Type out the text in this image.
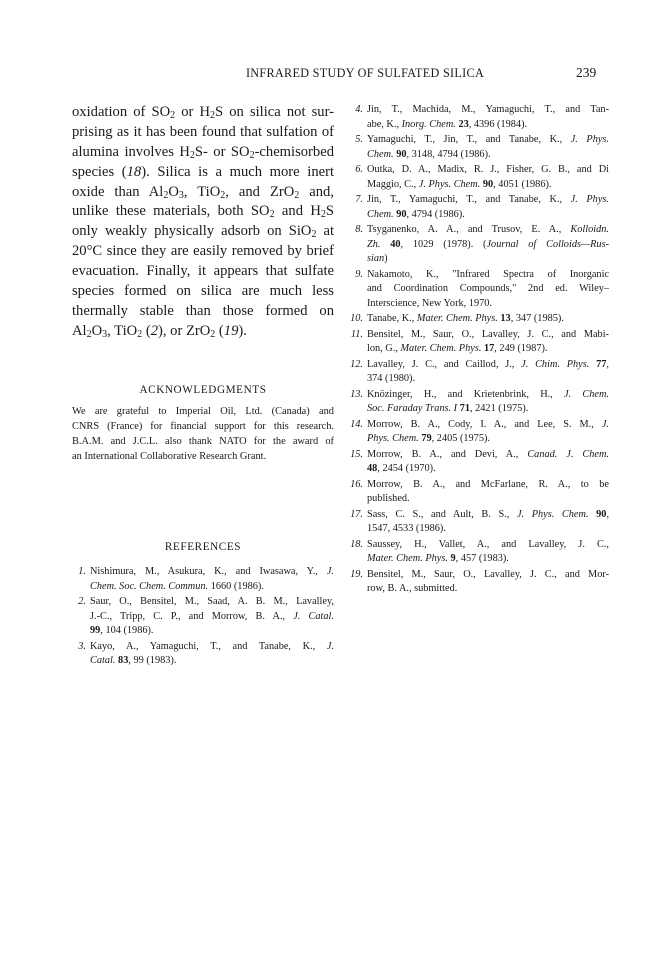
INFRARED STUDY OF SULFATED SILICA	239
oxidation of $SO_2$ or $H_2S$ on silica not sur-
prising as it has been found that sulfation of
alumina involves $H_2S-$ or $SO_2$-chemisorbed
species (18). Silica is a much more inert
oxide than $Al_2O_3$, TiO$_2$, and ZrO$_2$ and,
unlike these materials, both $SO_2$ and $H_2S$
only weakly physically adsorb on SiO$_2$ at
20°C since they are easily removed by brief
evacuation. Finally, it appears that sulfate
species formed on silica are much less
thermally stable than those formed on
$Al_2O_3$, TiO$_2$ (2), or ZrO$_2$ (19).
ACKNOWLEDGMENTS
We are grateful to Imperial Oil, Ltd. (Canada) and
CNRS (France) for financial support for this research.
B.A.M. and J.C.L. also thank NATO for the award of
an International Collaborative Research Grant.
REFERENCES
1. Nishimura, M., Asukura, K., and Iwasawa, Y., J.
Chem. Soc. Chem. Commun. 1660 (1986).
2. Saur, O., Bensitel, M., Saad, A. B. M., Lavalley,
J.-C., Tripp, C. P., and Morrow, B. A., J. Catal.
99, 104 (1986).
3. Kayo, A., Yamaguchi, T., and Tanabe, K., J.
Catal. 83, 99 (1983).
4. Jin, T., Machida, M., Yamaguchi, T., and Tan-
abe, K., Inorg. Chem. 23, 4396 (1984).
5. Yamaguchi, T., Jin, T., and Tanabe, K., J. Phys.
Chem. 90, 3148, 4794 (1986).
6. Outka, D. A., Madix, R. J., Fisher, G. B., and Di
Maggio, C., J. Phys. Chem. 90, 4051 (1986).
7. Jin, T., Yamaguchi, T., and Tanabe, K., J. Phys.
Chem. 90, 4794 (1986).
8. Tsyganenko, A. A., and Trusov, E. A., Kolloidn.
Zh. 40, 1029 (1978). (Journal of Colloids—Rus-
sian)
9. Nakamoto, K., "Infrared Spectra of Inorganic
and Coordination Compounds," 2nd ed. Wiley–
Interscience, New York, 1970.
10. Tanabe, K., Mater. Chem. Phys. 13, 347 (1985).
11. Bensitel, M., Saur, O., Lavalley, J. C., and Mabi-
lon, G., Mater. Chem. Phys. 17, 249 (1987).
12. Lavalley, J. C., and Caillod, J., J. Chim. Phys. 77,
374 (1980).
13. Knözinger, H., and Krietenbrink, H., J. Chem.
Soc. Faraday Trans. I 71, 2421 (1975).
14. Morrow, B. A., Cody, I. A., and Lee, S. M., J.
Phys. Chem. 79, 2405 (1975).
15. Morrow, B. A., and Devi, A., Canad. J. Chem.
48, 2454 (1970).
16. Morrow, B. A., and McFarlane, R. A., to be
published.
17. Sass, C. S., and Ault, B. S., J. Phys. Chem. 90,
1547, 4533 (1986).
18. Saussey, H., Vallet, A., and Lavalley, J. C.,
Mater. Chem. Phys. 9, 457 (1983).
19. Bensitel, M., Saur, O., Lavalley, J. C., and Mor-
row, B. A., submitted.
